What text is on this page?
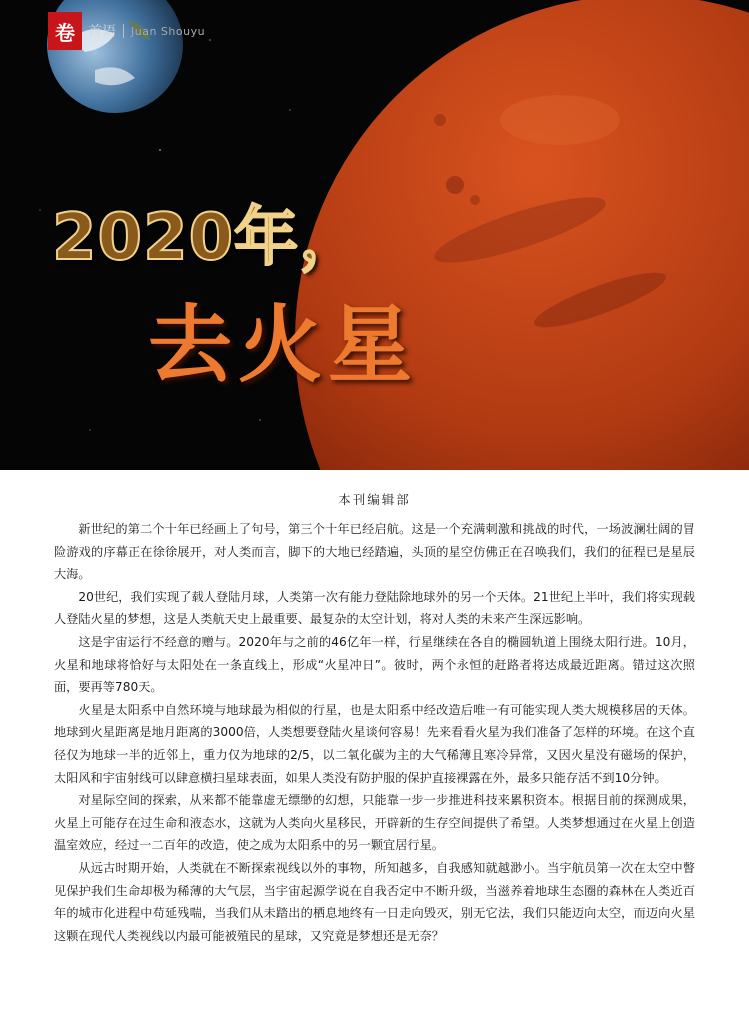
卷 首语 Juan Shouyu
2020年，
去火星
本刊编辑部

新世纪的第二个十年已经画上了句号，第三个十年已经启航。这是一个充满刺激和挑战的时代，一场波澜壮阔的冒险游戏的序幕正在徐徐展开，对人类而言，脚下的大地已经踏遍，头顶的星空仿佛正在召唤我们，我们的征程已是星辰大海。

20世纪，我们实现了载人登陆月球，人类第一次有能力登陆除地球外的另一个天体。21世纪上半叶，我们将实现载人登陆火星的梦想，这是人类航天史上最重要、最复杂的太空计划，将对人类的未来产生深远影响。

这是宇宙运行不经意的赠与。2020年与之前的46亿年一样，行星继续在各自的椭圆轨道上围绕太阳行进。10月，火星和地球将恰好与太阳处在一条直线上，形成“火星冲日”。彼时，两个永恒的赶路者将达成最近距离。错过这次照面，要再等780天。

火星是太阳系中自然环境与地球最为相似的行星，也是太阳系中经改造后唯一有可能实现人类大规模移居的天体。地球到火星距离是地月距离的3000倍，人类想要登陆火星谈何容易！先来看看火星为我们准备了怎样的环境。在这个直径仅为地球一半的近邻上，重力仅为地球的2/5，以二氧化碳为主的大气稀薄且寒冷异常，又因火星没有磁场的保护，太阳风和宇宙射线可以肆意横扫星球表面，如果人类没有防护服的保护直接裸露在外，最多只能存活不到10分钟。

对星际空间的探索，从来都不能靠虚无缥缈的幻想，只能靠一步一步推进科技来累积资本。根据目前的探测成果，火星上可能存在过生命和液态水，这就为人类向火星移民，开辟新的生存空间提供了希望。人类梦想通过在火星上创造温室效应，经过一二百年的改造，使之成为太阳系中的另一颗宜居行星。

从远古时期开始，人类就在不断探索视线以外的事物，所知越多，自我感知就越渺小。当宇航员第一次在太空中瞥见保护我们生命却极为稀薄的大气层，当宇宙起源学说在自我否定中不断升级，当滋养着地球生态圈的森林在人类近百年的城市化进程中苟延残喘，当我们从未踏出的栖息地终有一日走向毁灭，别无它法，我们只能迈向太空，而迈向火星这颗在现代人类视线以内最可能被殖民的星球，又究竟是梦想还是无奈？
